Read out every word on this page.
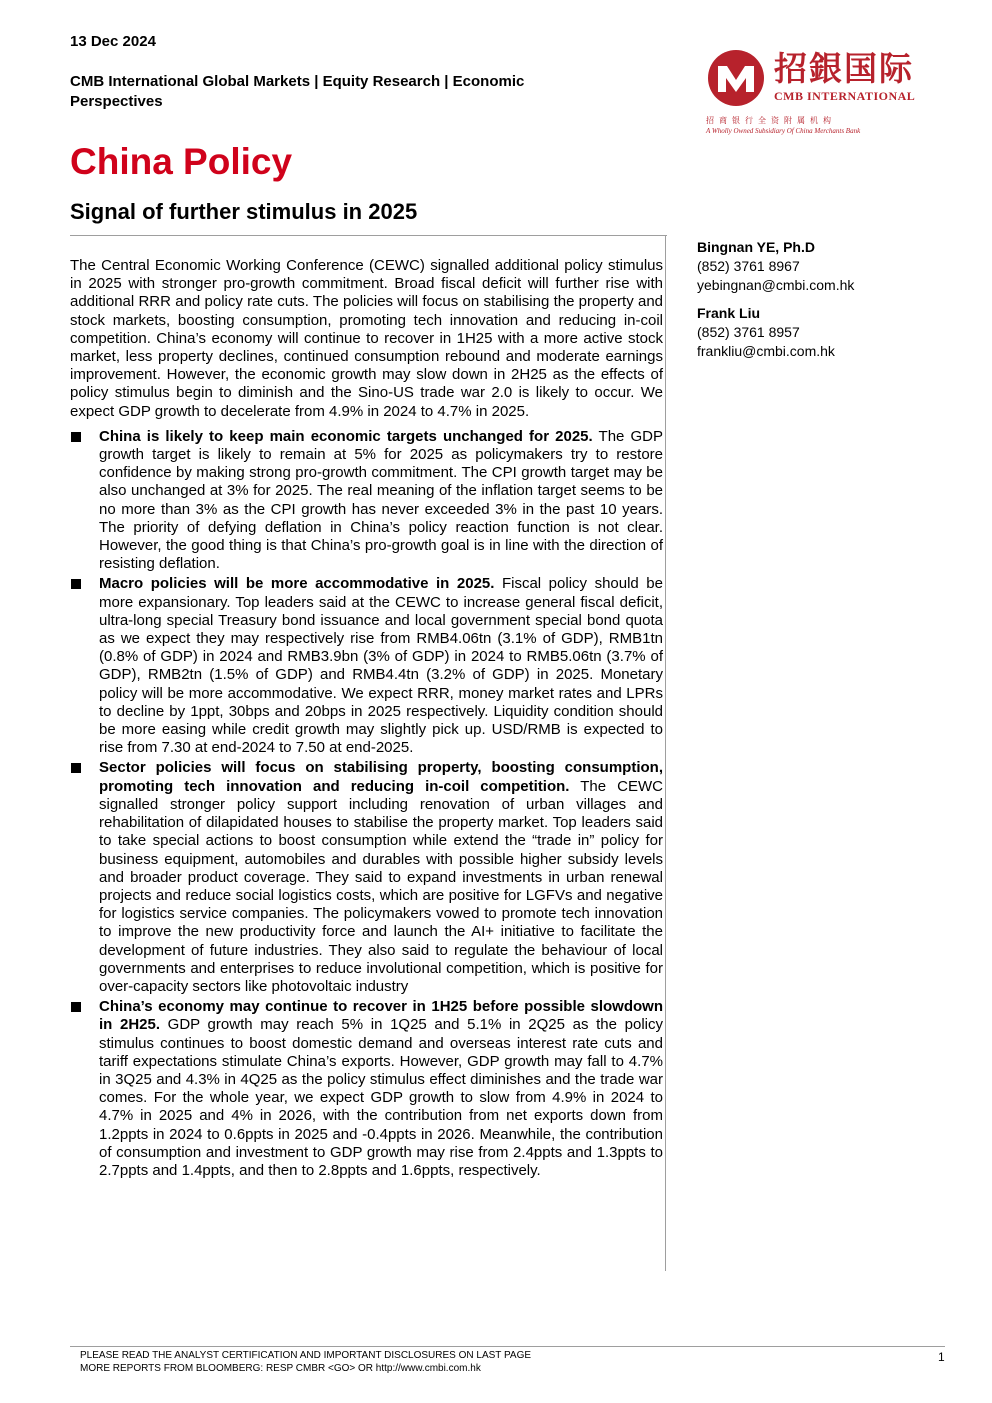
13 Dec 2024
CMB International Global Markets | Equity Research | Economic Perspectives
China Policy
Signal of further stimulus in 2025
招銀国际
CMB INTERNATIONAL
招商银行全资附属机构
A Wholly Owned Subsidiary Of China Merchants Bank
Bingnan YE, Ph.D
(852) 3761 8967
yebingnan@cmbi.com.hk
Frank Liu
(852) 3761 8957
frankliu@cmbi.com.hk

The Central Economic Working Conference (CEWC) signalled additional policy stimulus in 2025 with stronger pro-growth commitment. Broad fiscal deficit will further rise with additional RRR and policy rate cuts. The policies will focus on stabilising the property and stock markets, boosting consumption, promoting tech innovation and reducing in-coil competition. China’s economy will continue to recover in 1H25 with a more active stock market, less property declines, continued consumption rebound and moderate earnings improvement. However, the economic growth may slow down in 2H25 as the effects of policy stimulus begin to diminish and the Sino-US trade war 2.0 is likely to occur. We expect GDP growth to decelerate from 4.9% in 2024 to 4.7% in 2025.

China is likely to keep main economic targets unchanged for 2025. The GDP growth target is likely to remain at 5% for 2025 as policymakers try to restore confidence by making strong pro-growth commitment. The CPI growth target may be also unchanged at 3% for 2025. The real meaning of the inflation target seems to be no more than 3% as the CPI growth has never exceeded 3% in the past 10 years. The priority of defying deflation in China’s policy reaction function is not clear. However, the good thing is that China’s pro-growth goal is in line with the direction of resisting deflation.
Macro policies will be more accommodative in 2025. Fiscal policy should be more expansionary. Top leaders said at the CEWC to increase general fiscal deficit, ultra-long special Treasury bond issuance and local government special bond quota as we expect they may respectively rise from RMB4.06tn (3.1% of GDP), RMB1tn (0.8% of GDP) in 2024 and RMB3.9bn (3% of GDP) in 2024 to RMB5.06tn (3.7% of GDP), RMB2tn (1.5% of GDP) and RMB4.4tn (3.2% of GDP) in 2025. Monetary policy will be more accommodative. We expect RRR, money market rates and LPRs to decline by 1ppt, 30bps and 20bps in 2025 respectively. Liquidity condition should be more easing while credit growth may slightly pick up. USD/RMB is expected to rise from 7.30 at end-2024 to 7.50 at end-2025.
Sector policies will focus on stabilising property, boosting consumption, promoting tech innovation and reducing in-coil competition. The CEWC signalled stronger policy support including renovation of urban villages and rehabilitation of dilapidated houses to stabilise the property market. Top leaders said to take special actions to boost consumption while extend the “trade in” policy for business equipment, automobiles and durables with possible higher subsidy levels and broader product coverage. They said to expand investments in urban renewal projects and reduce social logistics costs, which are positive for LGFVs and negative for logistics service companies. The policymakers vowed to promote tech innovation to improve the new productivity force and launch the AI+ initiative to facilitate the development of future industries. They also said to regulate the behaviour of local governments and enterprises to reduce involutional competition, which is positive for over-capacity sectors like photovoltaic industry
China’s economy may continue to recover in 1H25 before possible slowdown in 2H25. GDP growth may reach 5% in 1Q25 and 5.1% in 2Q25 as the policy stimulus continues to boost domestic demand and overseas interest rate cuts and tariff expectations stimulate China’s exports. However, GDP growth may fall to 4.7% in 3Q25 and 4.3% in 4Q25 as the policy stimulus effect diminishes and the trade war comes. For the whole year, we expect GDP growth to slow from 4.9% in 2024 to 4.7% in 2025 and 4% in 2026, with the contribution from net exports down from 1.2ppts in 2024 to 0.6ppts in 2025 and -0.4ppts in 2026. Meanwhile, the contribution of consumption and investment to GDP growth may rise from 2.4ppts and 1.3ppts to 2.7ppts and 1.4ppts, and then to 2.8ppts and 1.6ppts, respectively.
PLEASE READ THE ANALYST CERTIFICATION AND IMPORTANT DISCLOSURES ON LAST PAGE
MORE REPORTS FROM BLOOMBERG: RESP CMBR <GO> OR http://www.cmbi.com.hk
1
